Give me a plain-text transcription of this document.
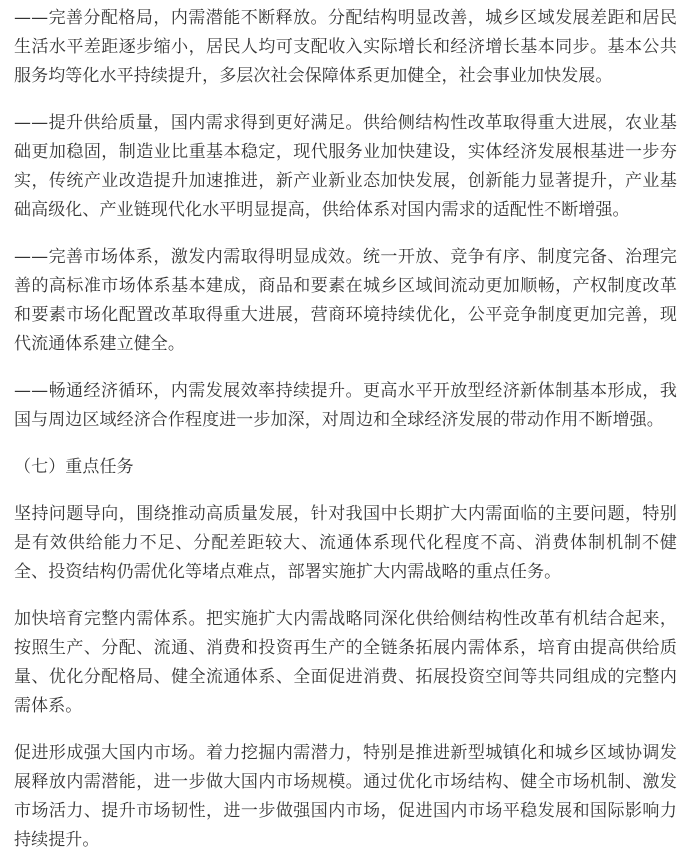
——完善分配格局，内需潜能不断释放。分配结构明显改善，城乡区域发展差距和居民生活水平差距逐步缩小，居民人均可支配收入实际增长和经济增长基本同步。基本公共服务均等化水平持续提升，多层次社会保障体系更加健全，社会事业加快发展。

——提升供给质量，国内需求得到更好满足。供给侧结构性改革取得重大进展，农业基础更加稳固，制造业比重基本稳定，现代服务业加快建设，实体经济发展根基进一步夯实，传统产业改造提升加速推进，新产业新业态加快发展，创新能力显著提升，产业基础高级化、产业链现代化水平明显提高，供给体系对国内需求的适配性不断增强。

——完善市场体系，激发内需取得明显成效。统一开放、竞争有序、制度完备、治理完善的高标准市场体系基本建成，商品和要素在城乡区域间流动更加顺畅，产权制度改革和要素市场化配置改革取得重大进展，营商环境持续优化，公平竞争制度更加完善，现代流通体系建立健全。

——畅通经济循环，内需发展效率持续提升。更高水平开放型经济新体制基本形成，我国与周边区域经济合作程度进一步加深，对周边和全球经济发展的带动作用不断增强。

（七）重点任务

坚持问题导向，围绕推动高质量发展，针对我国中长期扩大内需面临的主要问题，特别是有效供给能力不足、分配差距较大、流通体系现代化程度不高、消费体制机制不健全、投资结构仍需优化等堵点难点，部署实施扩大内需战略的重点任务。

加快培育完整内需体系。把实施扩大内需战略同深化供给侧结构性改革有机结合起来，按照生产、分配、流通、消费和投资再生产的全链条拓展内需体系，培育由提高供给质量、优化分配格局、健全流通体系、全面促进消费、拓展投资空间等共同组成的完整内需体系。

促进形成强大国内市场。着力挖掘内需潜力，特别是推进新型城镇化和城乡区域协调发展释放内需潜能，进一步做大国内市场规模。通过优化市场结构、健全市场机制、激发市场活力、提升市场韧性，进一步做强国内市场，促进国内市场平稳发展和国际影响力持续提升。
